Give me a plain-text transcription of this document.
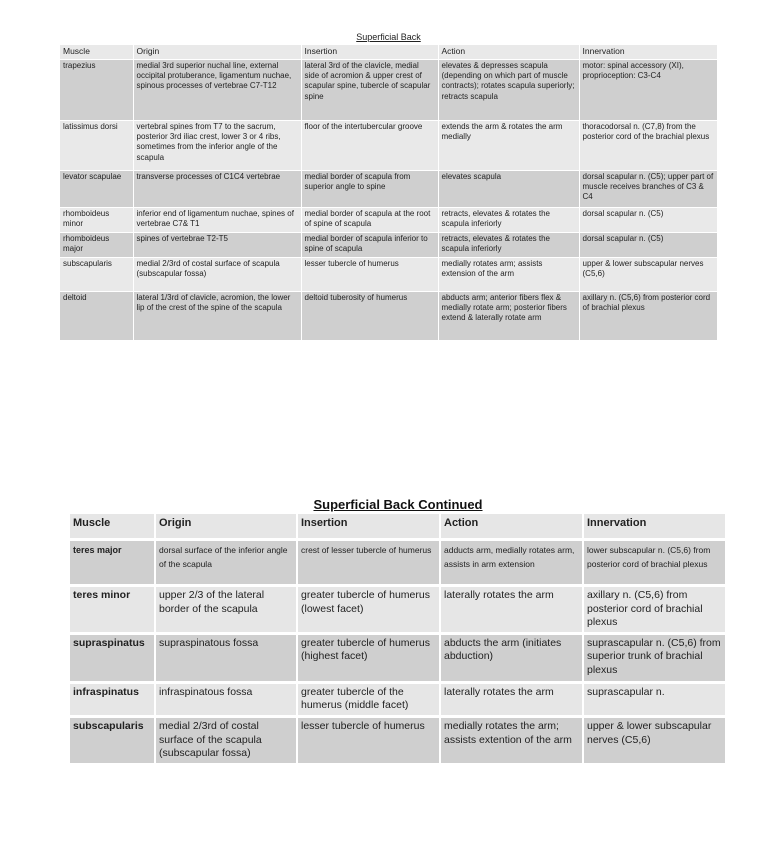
Superficial Back
Muscle	Origin	Insertion	Action	Innervation
trapezius	medial 3rd superior nuchal line, external occipital protuberance, ligamentum nuchae, spinous processes of vertebrae C7-T12	lateral 3rd of the clavicle, medial side of acromion & upper crest of scapular spine, tubercle of scapular spine	elevates & depresses scapula (depending on which part of muscle contracts); rotates scapula superiorly; retracts scapula	motor: spinal accessory (XI), proprioception: C3-C4
latissimus dorsi	vertebral spines from T7 to the sacrum, posterior 3rd iliac crest, lower 3 or 4 ribs, sometimes from the inferior angle of the scapula	floor of the intertubercular groove	extends the arm & rotates the arm medially	thoracodorsal n. (C7,8) from the posterior cord of the brachial plexus
levator scapulae	transverse processes of C1C4 vertebrae	medial border of scapula from superior angle to spine	elevates scapula	dorsal scapular n. (C5); upper part of muscle receives branches of C3 & C4
rhomboideus minor	inferior end of ligamentum nuchae, spines of vertebrae C7& T1	medial border of scapula at the root of spine of scapula	retracts, elevates & rotates the scapula inferiorly	dorsal scapular n. (C5)
rhomboideus major	spines of vertebrae T2-T5	medial border of scapula inferior to spine of scapula	retracts, elevates & rotates the scapula inferiorly	dorsal scapular n. (C5)
subscapularis	medial 2/3rd of costal surface of scapula (subscapular fossa)	lesser tubercle of humerus	medially rotates arm; assists extension of the arm	upper & lower subscapular nerves (C5,6)
deltoid	lateral 1/3rd of clavicle, acromion, the lower lip of the crest of the spine of the scapula	deltoid tuberosity of humerus	abducts arm; anterior fibers flex & medially rotate arm; posterior fibers extend & laterally rotate arm	axillary n. (C5,6) from posterior cord of brachial plexus
Superficial Back Continued
Muscle	Origin	Insertion	Action	Innervation
teres major	dorsal surface of the inferior angle of the scapula	crest of lesser tubercle of humerus	adducts arm, medially rotates arm, assists in arm extension	lower subscapular n. (C5,6) from posterior cord of brachial plexus
teres minor	upper 2/3 of the lateral border of the scapula	greater tubercle of humerus (lowest facet)	laterally rotates the arm	axillary n. (C5,6) from posterior cord of brachial plexus
supraspinatus	supraspinatous fossa	greater tubercle of humerus (highest facet)	abducts the arm (initiates abduction)	suprascapular n. (C5,6) from superior trunk of brachial plexus
infraspinatus	infraspinatous fossa	greater tubercle of the humerus (middle facet)	laterally rotates the arm	suprascapular n.
subscapularis	medial 2/3rd of costal surface of the scapula (subscapular fossa)	lesser tubercle of humerus	medially rotates the arm; assists extention of the arm	upper & lower subscapular nerves (C5,6)
